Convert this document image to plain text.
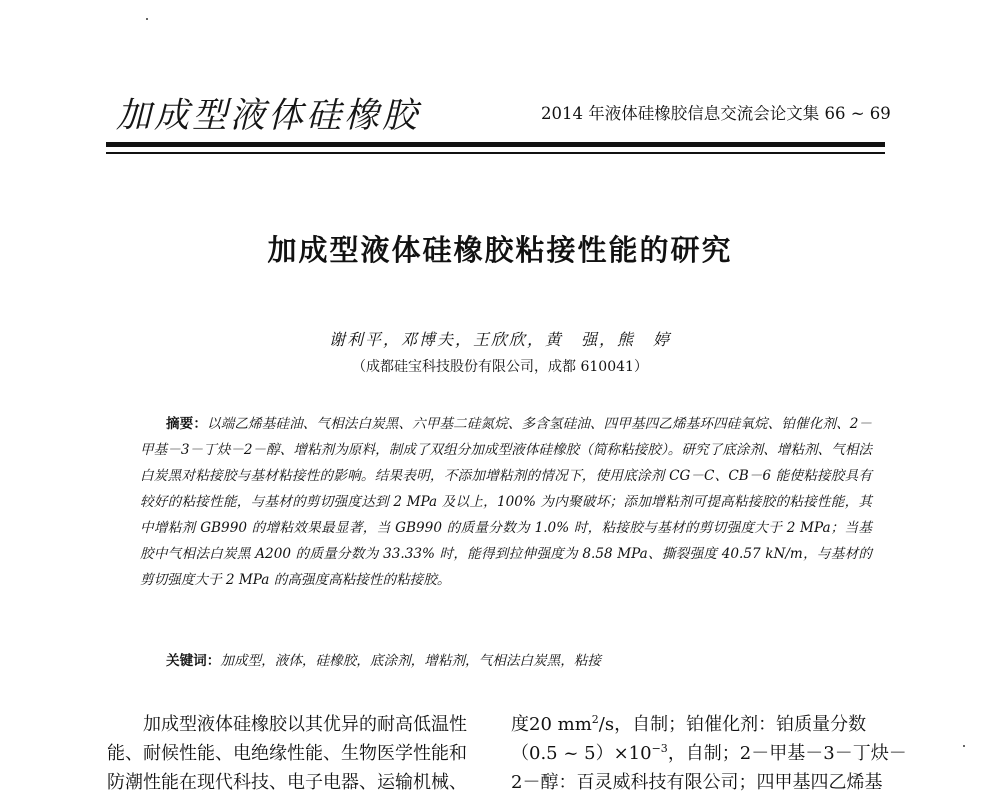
加成型液体硅橡胶	2014 年液体硅橡胶信息交流会论文集 66 ~ 69
加成型液体硅橡胶粘接性能的研究
谢利平，邓博夫，王欣欣，黄　强，熊　婷
（成都硅宝科技股份有限公司，成都 610041）
摘要：以端乙烯基硅油、气相法白炭黑、六甲基二硅氮烷、多含氢硅油、四甲基四乙烯基环四硅氧烷、铂催化剂、2－甲基－3－丁炔－2－醇、增粘剂为原料，制成了双组分加成型液体硅橡胶（简称粘接胶）。研究了底涂剂、增粘剂、气相法白炭黑对粘接胶与基材粘接性的影响。结果表明，不添加增粘剂的情况下，使用底涂剂 CG－C、CB－6 能使粘接胶具有较好的粘接性能，与基材的剪切强度达到 2 MPa 及以上，100% 为内聚破坏；添加增粘剂可提高粘接胶的粘接性能，其中增粘剂 GB990 的增粘效果最显著，当 GB990 的质量分数为 1.0% 时，粘接胶与基材的剪切强度大于 2 MPa；当基胶中气相法白炭黑 A200 的质量分数为 33.33% 时，能得到拉伸强度为 8.58 MPa、撕裂强度 40.57 kN/m，与基材的剪切强度大于 2 MPa 的高强度高粘接性的粘接胶。
关键词：加成型，液体，硅橡胶，底涂剂，增粘剂，气相法白炭黑，粘接
加成型液体硅橡胶以其优异的耐高低温性
能、耐候性能、电绝缘性能、生物医学性能和
防潮性能在现代科技、电子电器、运输机械、
度20 $mm^2/s$，自制；铂催化剂：铂质量分数
（0.5 ~ $5)\times 10^{-3}$，自制；2－甲基－3－丁炔－
2－醇：百灵威科技有限公司；四甲基四乙烯基
